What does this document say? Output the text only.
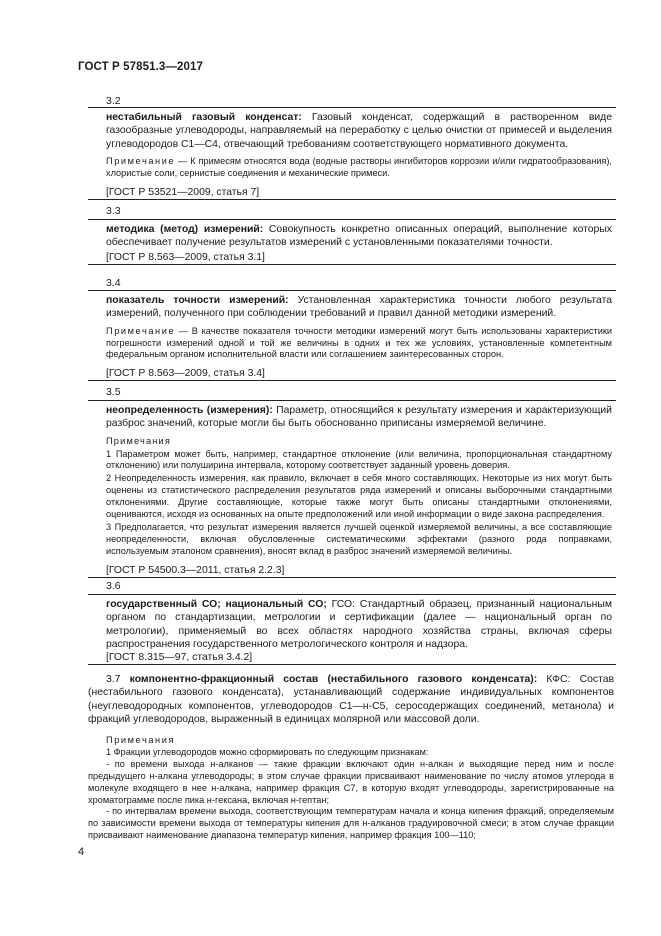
ГОСТ Р 57851.3—2017
3.2

нестабильный газовый конденсат: Газовый конденсат, содержащий в растворенном виде газообразные углеводороды, направляемый на переработку с целью очистки от примесей и выделения углеводородов С1—С4, отвечающий требованиям соответствующего нормативного документа.

Примечание — К примесям относятся вода (водные растворы ингибиторов коррозии и/или гидратообразования), хлористые соли, сернистые соединения и механические примеси.

[ГОСТ Р 53521—2009, статья 7]

3.3

методика (метод) измерений: Совокупность конкретно описанных операций, выполнение которых обеспечивает получение результатов измерений с установленными показателями точности.

[ГОСТ Р 8.563—2009, статья 3.1]

3.4

показатель точности измерений: Установленная характеристика точности любого результата измерений, полученного при соблюдении требований и правил данной методики измерений.

Примечание — В качестве показателя точности методики измерений могут быть использованы характеристики погрешности измерений одной и той же величины в одних и тех же условиях, установленные компетентным федеральным органом исполнительной власти или соглашением заинтересованных сторон.

[ГОСТ Р 8.563—2009, статья 3.4]

3.5

неопределенность (измерения): Параметр, относящийся к результату измерения и характеризующий разброс значений, которые могли бы быть обоснованно приписаны измеряемой величине.

Примечания

1 Параметром может быть, например, стандартное отклонение (или величина, пропорциональная стандартному отклонению) или полуширина интервала, которому соответствует заданный уровень доверия.

2 Неопределенность измерения, как правило, включает в себя много составляющих. Некоторые из них могут быть оценены из статистического распределения результатов ряда измерений и описаны выборочными стандартными отклонениями. Другие составляющие, которые также могут быть описаны стандартными отклонениями, оцениваются, исходя из основанных на опыте предположений или иной информации о виде закона распределения.

3 Предполагается, что результат измерения является лучшей оценкой измеряемой величины, а все составляющие неопределенности, включая обусловленные систематическими эффектами (разного рода поправками, используемым эталоном сравнения), вносят вклад в разброс значений измеряемой величины.

[ГОСТ Р 54500.3—2011, статья 2.2.3]

3.6

государственный СО; национальный СО; ГСО: Стандартный образец, признанный национальным органом по стандартизации, метрологии и сертификации (далее — национальный орган по метрологии), применяемый во всех областях народного хозяйства страны, включая сферы распространения государственного метрологического контроля и надзора.

[ГОСТ 8.315—97, статья 3.4.2]

3.7 компонентно-фракционный состав (нестабильного газового конденсата): КФС: Состав (нестабильного газового конденсата), устанавливающий содержание индивидуальных компонентов (неуглеводородных компонентов, углеводородов С1—н-С5, серосодержащих соединений, метанола) и фракций углеводородов, выраженный в единицах молярной или массовой доли.

Примечания

1 Фракции углеводородов можно сформировать по следующим признакам:

- по времени выхода н-алканов — такие фракции включают один н-алкан и выходящие перед ним и после предыдущего н-алкана углеводороды; в этом случае фракции присваивают наименование по числу атомов углерода в молекуле входящего в нее н-алкана, например фракция С7, в которую входят углеводороды, зарегистрированные на хроматограмме после пика н-гексана, включая н-гептан;

- по интервалам времени выхода, соответствующим температурам начала и конца кипения фракций, определяемым по зависимости времени выхода от температуры кипения для н-алканов градуировочной смеси; в этом случае фракции присваивают наименование диапазона температур кипения, например фракция 100—110;

4
